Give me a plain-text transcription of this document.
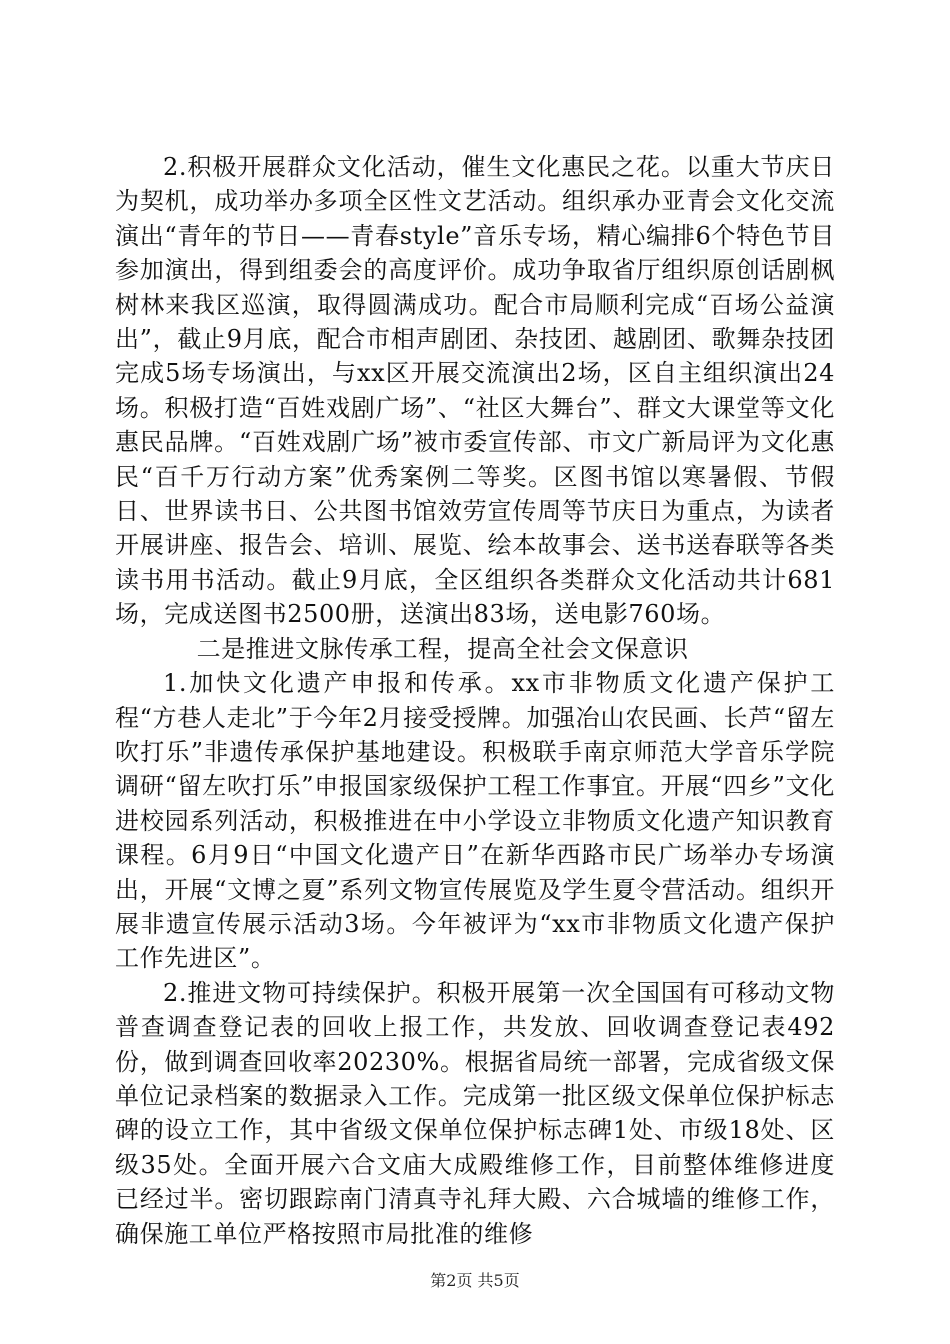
2.积极开展群众文化活动，催生文化惠民之花。以重大节庆日为契机，成功举办多项全区性文艺活动。组织承办亚青会文化交流演出“青年的节日——青春style”音乐专场，精心编排6个特色节目参加演出，得到组委会的高度评价。成功争取省厅组织原创话剧枫树林来我区巡演，取得圆满成功。配合市局顺利完成“百场公益演出”，截止9月底，配合市相声剧团、杂技团、越剧团、歌舞杂技团完成5场专场演出，与xx区开展交流演出2场，区自主组织演出24场。积极打造“百姓戏剧广场”、“社区大舞台”、群文大课堂等文化惠民品牌。“百姓戏剧广场”被市委宣传部、市文广新局评为文化惠民“百千万行动方案”优秀案例二等奖。区图书馆以寒暑假、节假日、世界读书日、公共图书馆效劳宣传周等节庆日为重点，为读者开展讲座、报告会、培训、展览、绘本故事会、送书送春联等各类读书用书活动。截止9月底，全区组织各类群众文化活动共计681场，完成送图书2500册，送演出83场，送电影760场。

二是推进文脉传承工程，提高全社会文保意识

1.加快文化遗产申报和传承。xx市非物质文化遗产保护工程“方巷人走北”于今年2月接受授牌。加强冶山农民画、长芦“留左吹打乐”非遗传承保护基地建设。积极联手南京师范大学音乐学院调研“留左吹打乐”申报国家级保护工程工作事宜。开展“四乡”文化进校园系列活动，积极推进在中小学设立非物质文化遗产知识教育课程。6月9日“中国文化遗产日”在新华西路市民广场举办专场演出，开展“文博之夏”系列文物宣传展览及学生夏令营活动。组织开展非遗宣传展示活动3场。今年被评为“xx市非物质文化遗产保护工作先进区”。

2.推进文物可持续保护。积极开展第一次全国国有可移动文物普查调查登记表的回收上报工作，共发放、回收调查登记表492份，做到调查回收率20230%。根据省局统一部署，完成省级文保单位记录档案的数据录入工作。完成第一批区级文保单位保护标志碑的设立工作，其中省级文保单位保护标志碑1处、市级18处、区级35处。全面开展六合文庙大成殿维修工作，目前整体维修进度已经过半。密切跟踪南门清真寺礼拜大殿、六合城墙的维修工作，确保施工单位严格按照市局批准的维修

第2页 共5页
